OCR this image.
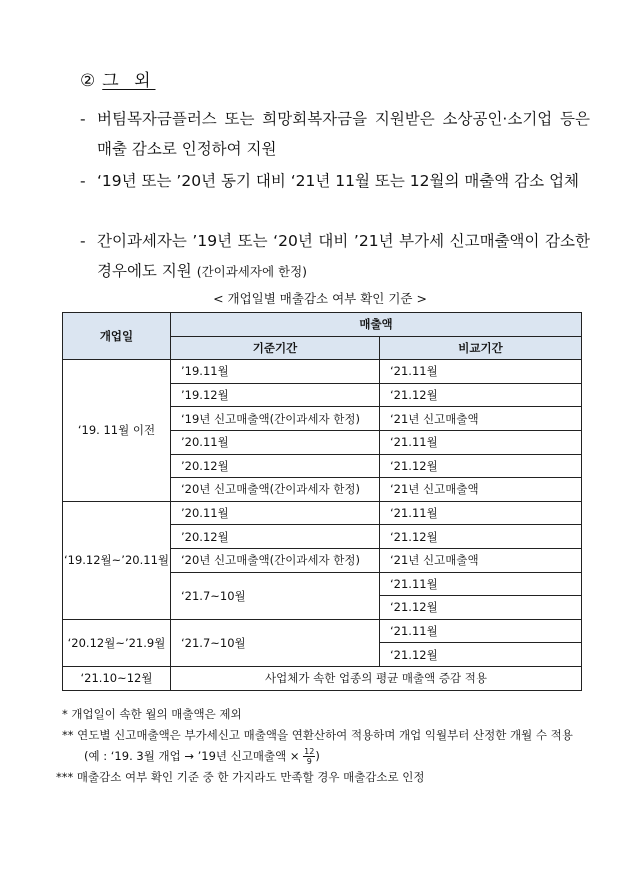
② 그 외
- 버팀목자금플러스 또는 희망회복자금을 지원받은 소상공인·소기업 등은 매출 감소로 인정하여 지원
- ‘19년 또는 ’20년 동기 대비 ‘21년 11월 또는 12월의 매출액 감소 업체
- 간이과세자는 ’19년 또는 ‘20년 대비 ’21년 부가세 신고매출액이 감소한 경우에도 지원 (간이과세자에 한정)
< 개업일별 매출감소 여부 확인 기준 >
개업일	매출액	
	기준기간	비교기간
‘19. 11월 이전	’19.11월	‘21.11월
	’19.12월	‘21.12월
	‘19년 신고매출액(간이과세자 한정)	‘21년 신고매출액
	’20.11월	‘21.11월
	’20.12월	‘21.12월
	‘20년 신고매출액(간이과세자 한정)	‘21년 신고매출액
‘19.12월~’20.11월	’20.11월	‘21.11월
	’20.12월	‘21.12월
	‘20년 신고매출액(간이과세자 한정)	‘21년 신고매출액
	‘21.7~10월	‘21.11월
		‘21.12월
‘20.12월~’21.9월	‘21.7~10월	‘21.11월
		‘21.12월
‘21.10~12월	사업체가 속한 업종의 평균 매출액 증감 적용	
* 개업일이 속한 월의 매출액은 제외
** 연도별 신고매출액은 부가세신고 매출액을 연환산하여 적용하며 개업 익월부터 산정한 개월 수 적용
(예 : ‘19. 3월 개업 → ’19년 신고매출액 × $\frac{12}{9}$ )
*** 매출감소 여부 확인 기준 중 한 가지라도 만족할 경우 매출감소로 인정
